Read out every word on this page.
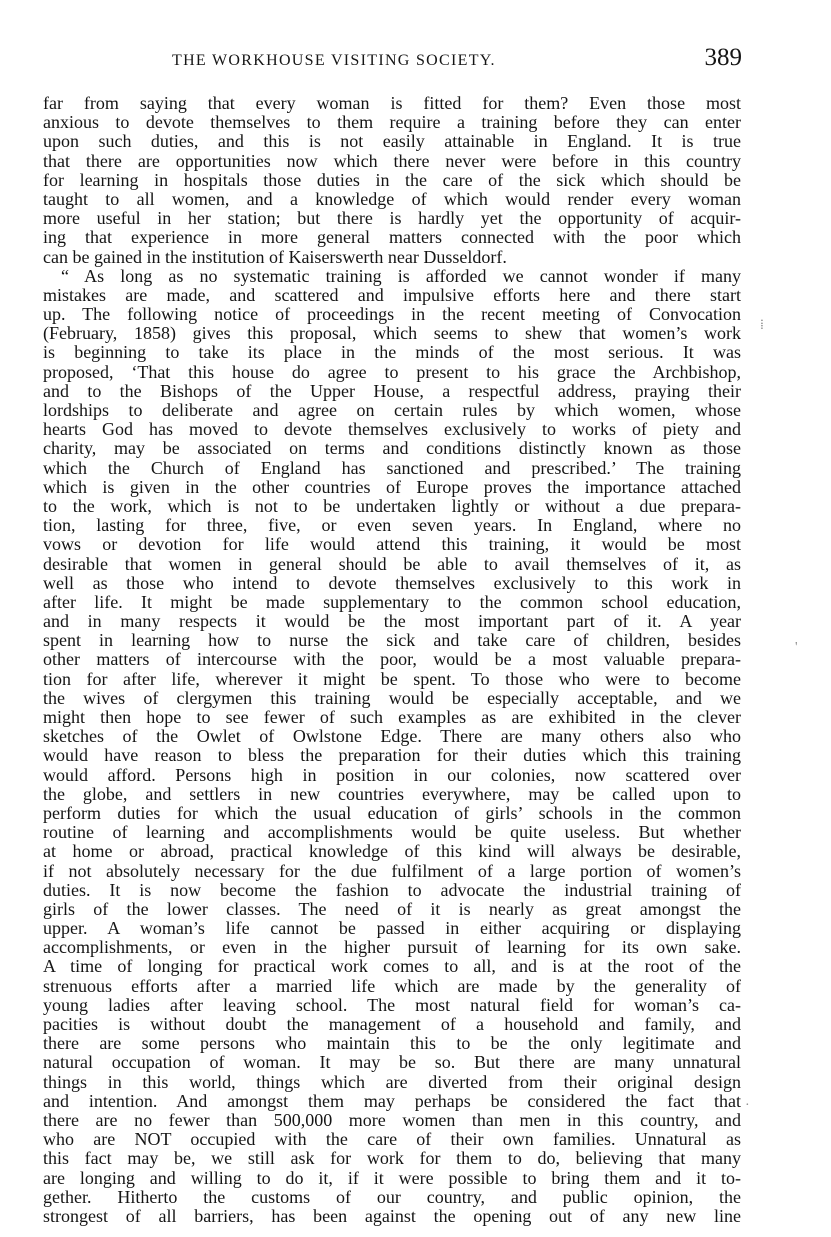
THE WORKHOUSE VISITING SOCIETY.	389
far from saying that every woman is fitted for them? Even those most
anxious to devote themselves to them require a training before they can enter
upon such duties, and this is not easily attainable in England. It is true
that there are opportunities now which there never were before in this country
for learning in hospitals those duties in the care of the sick which should be
taught to all women, and a knowledge of which would render every woman
more useful in her station; but there is hardly yet the opportunity of acquir-
ing that experience in more general matters connected with the poor which
can be gained in the institution of Kaiserswerth near Dusseldorf.
“ As long as no systematic training is afforded we cannot wonder if many
mistakes are made, and scattered and impulsive efforts here and there start
up. The following notice of proceedings in the recent meeting of Convocation
(February, 1858) gives this proposal, which seems to shew that women’s work
is beginning to take its place in the minds of the most serious. It was
proposed, ‘That this house do agree to present to his grace the Archbishop,
and to the Bishops of the Upper House, a respectful address, praying their
lordships to deliberate and agree on certain rules by which women, whose
hearts God has moved to devote themselves exclusively to works of piety and
charity, may be associated on terms and conditions distinctly known as those
which the Church of England has sanctioned and prescribed.’ The training
which is given in the other countries of Europe proves the importance attached
to the work, which is not to be undertaken lightly or without a due prepara-
tion, lasting for three, five, or even seven years. In England, where no
vows or devotion for life would attend this training, it would be most
desirable that women in general should be able to avail themselves of it, as
well as those who intend to devote themselves exclusively to this work in
after life. It might be made supplementary to the common school education,
and in many respects it would be the most important part of it. A year
spent in learning how to nurse the sick and take care of children, besides
other matters of intercourse with the poor, would be a most valuable prepara-
tion for after life, wherever it might be spent. To those who were to become
the wives of clergymen this training would be especially acceptable, and we
might then hope to see fewer of such examples as are exhibited in the clever
sketches of the Owlet of Owlstone Edge. There are many others also who
would have reason to bless the preparation for their duties which this training
would afford. Persons high in position in our colonies, now scattered over
the globe, and settlers in new countries everywhere, may be called upon to
perform duties for which the usual education of girls’ schools in the common
routine of learning and accomplishments would be quite useless. But whether
at home or abroad, practical knowledge of this kind will always be desirable,
if not absolutely necessary for the due fulfilment of a large portion of women’s
duties. It is now become the fashion to advocate the industrial training of
girls of the lower classes. The need of it is nearly as great amongst the
upper. A woman’s life cannot be passed in either acquiring or displaying
accomplishments, or even in the higher pursuit of learning for its own sake.
A time of longing for practical work comes to all, and is at the root of the
strenuous efforts after a married life which are made by the generality of
young ladies after leaving school. The most natural field for woman’s ca-
pacities is without doubt the management of a household and family, and
there are some persons who maintain this to be the only legitimate and
natural occupation of woman. It may be so. But there are many unnatural
things in this world, things which are diverted from their original design
and intention. And amongst them may perhaps be considered the fact that
there are no fewer than 500,000 more women than men in this country, and
who are NOT occupied with the care of their own families. Unnatural as
this fact may be, we still ask for work for them to do, believing that many
are longing and willing to do it, if it were possible to bring them and it to-
gether. Hitherto the customs of our country, and public opinion, the
strongest of all barriers, has been against the opening out of any new line
⁞
'
·
